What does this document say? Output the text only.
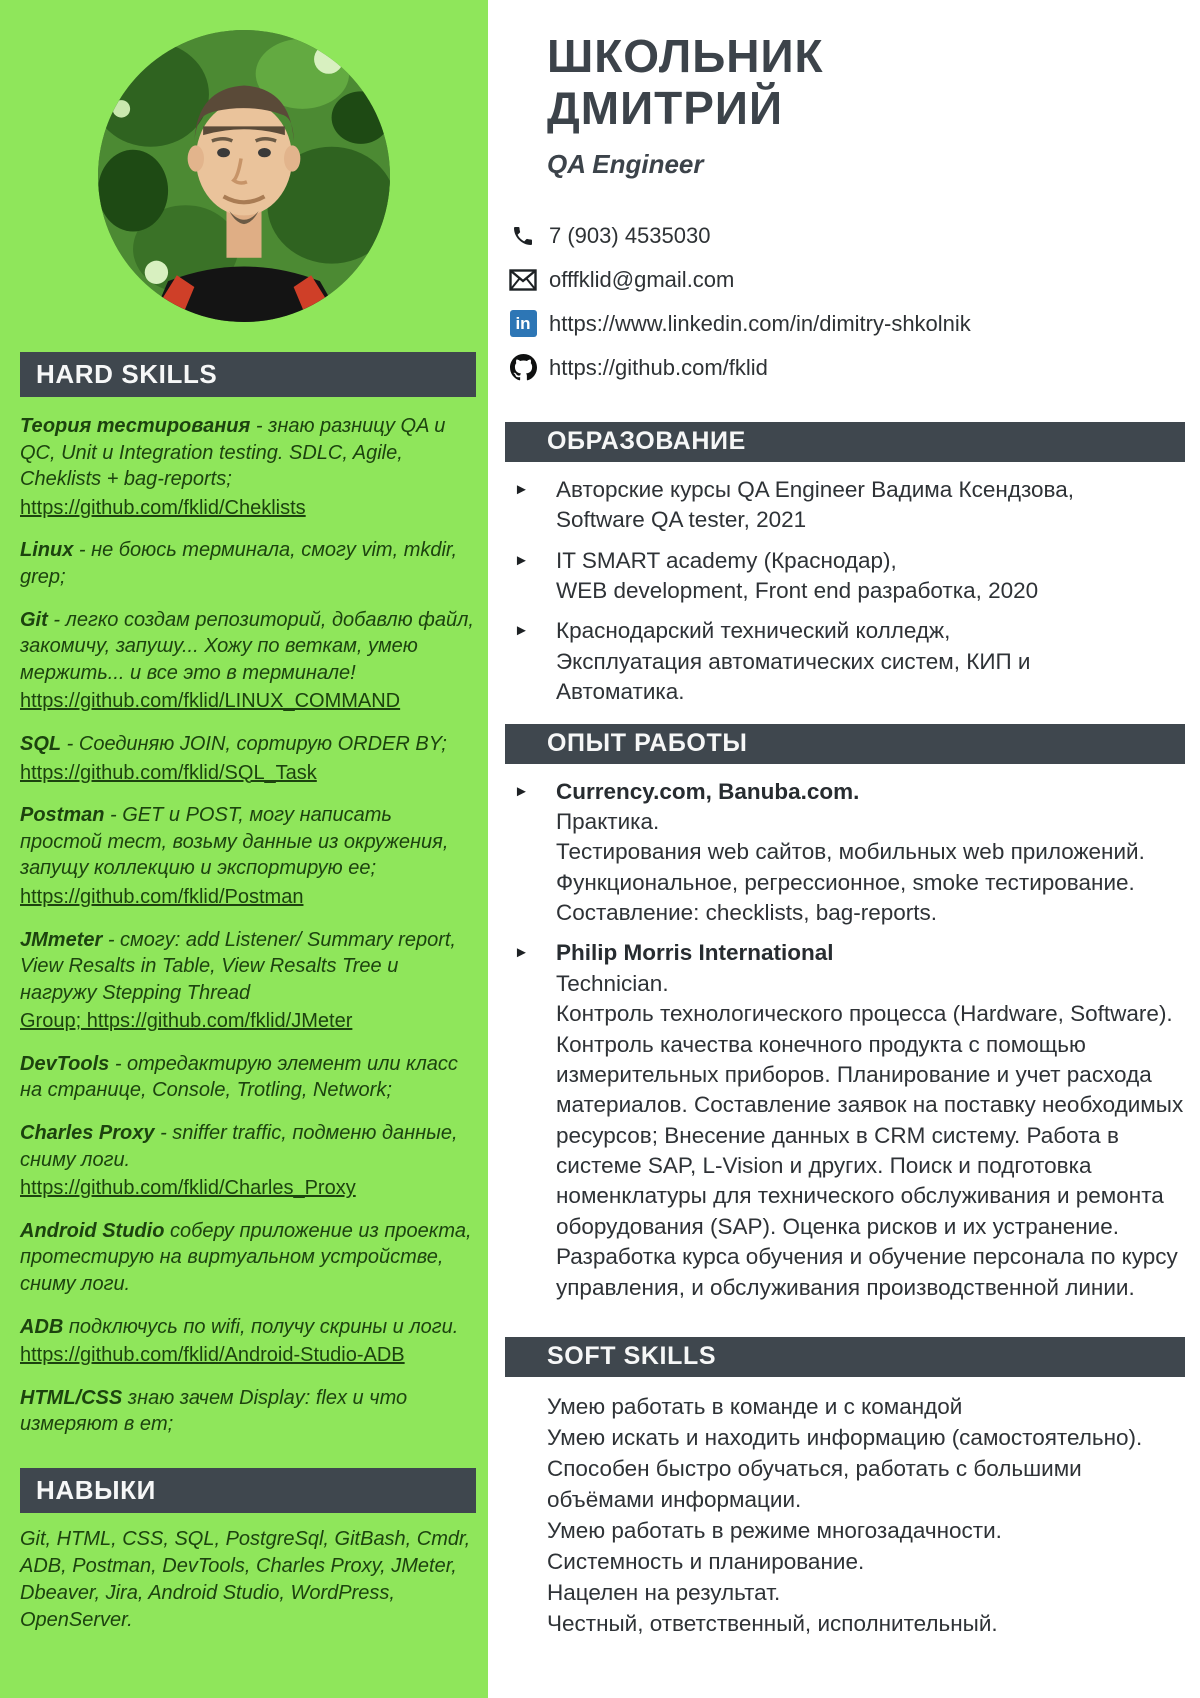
HARD SKILLS
Теория тестирования - знаю разницу QA и QC, Unit и Integration testing. SDLC, Agile, Cheklists + bag-reports;
https://github.com/fklid/Cheklists
Linux - не боюсь терминала, смогу vim, mkdir, grep;
Git - легко создам репозиторий, добавлю файл, закомичу, запушу... Хожу по веткам, умею мержить... и все это в терминале!
https://github.com/fklid/LINUX_COMMAND
SQL - Соединяю JOIN, сортирую ORDER BY;
https://github.com/fklid/SQL_Task
Postman - GET и POST, могу написать простой тест, возьму данные из окружения, запущу коллекцию и экспортирую ее;
https://github.com/fklid/Postman
JMmeter - смогу: add Listener/ Summary report, View Resalts in Table, View Resalts Tree и нагружу Stepping Thread
Group; https://github.com/fklid/JMeter
DevTools - отредактирую элемент или класс на странице, Console, Trotling, Network;
Charles Proxy - sniffer traffic, подменю данные, сниму логи.
https://github.com/fklid/Charles_Proxy
Android Studio соберу приложение из проекта, протестирую на виртуальном устройстве, сниму логи.
ADB подключусь по wifi, получу скрины и логи.
https://github.com/fklid/Android-Studio-ADB
HTML/CSS знаю зачем Display: flex и что измеряют в em;
НАВЫКИ
Git, HTML, CSS, SQL, PostgreSql, GitBash, Cmdr, ADB, Postman, DevTools, Charles Proxy, JMeter, Dbeaver, Jira, Android Studio, WordPress, OpenServer.
ШКОЛЬНИК
ДМИТРИЙ
QA Engineer
7 (903) 4535030
offfklid@gmail.com
in https://www.linkedin.com/in/dimitry-shkolnik
https://github.com/fklid
ОБРАЗОВАНИЕ
►	Авторские курсы QA Engineer Вадима Ксендзова,
Software QA tester, 2021
►	IT SMART academy (Краснодар),
WEB development, Front end разработка, 2020
►	Краснодарский технический колледж,
Эксплуатация автоматических систем, КИП и
Автоматика.
ОПЫТ РАБОТЫ
►	Currency.com, Banuba.com.
Практика.
Тестирования web сайтов, мобильных web приложений.
Функциональное, регрессионное, smoke тестирование.
Составление: checklists, bag-reports.
►	Philip Morris International
Technician.
Контроль технологического процесса (Hardware, Software).
Контроль качества конечного продукта с помощью измерительных приборов. Планирование и учет расхода материалов. Составление заявок на поставку необходимых ресурсов; Внесение данных в CRM систему. Работа в системе SAP, L-Vision и других. Поиск и подготовка номенклатуры для технического обслуживания и ремонта оборудования (SAP). Оценка рисков и их устранение. Разработка курса обучения и обучение персонала по курсу управления, и обслуживания производственной линии.
SOFT SKILLS
Умею работать в команде и с командой
Умею искать и находить информацию (самостоятельно).
Способен быстро обучаться, работать с большими объёмами информации.
Умею работать в режиме многозадачности.
Системность и планирование.
Нацелен на результат.
Честный, ответственный, исполнительный.
